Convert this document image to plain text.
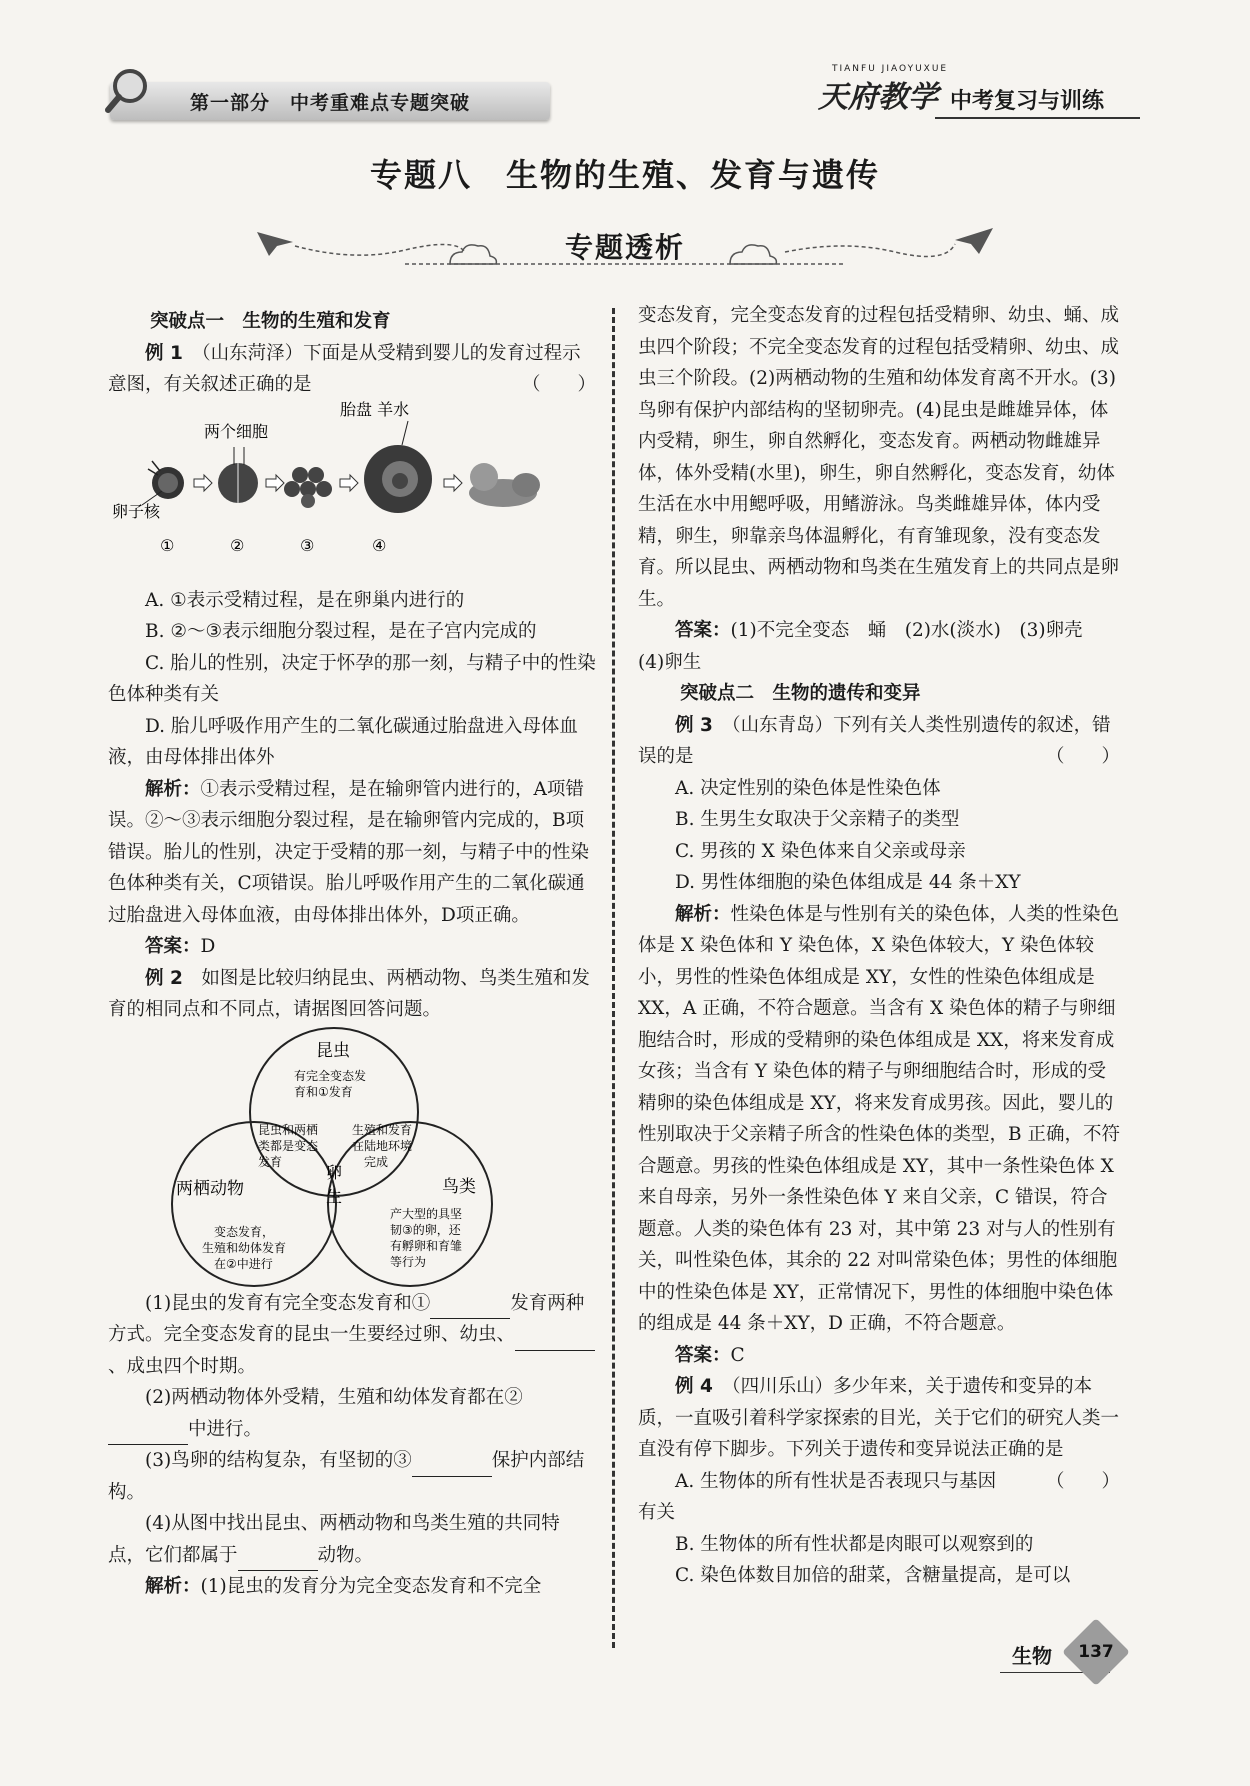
第一部分　中考重难点专题突破
TIANFU JIAOYUXUE
天府教学 中考复习与训练
专题八　生物的生殖、发育与遗传
专题透析

突破点一　生物的生殖和发育

例 1　 （山东菏泽）下面是从受精到婴儿的发育过程示意图，有关叙述正确的是	（　　）

卵子核
两个细胞
胎盘 羊水
①	②	③	④

A. ①表示受精过程，是在卵巢内进行的

B. ②～③表示细胞分裂过程，是在子宫内完成的

C. 胎儿的性别，决定于怀孕的那一刻，与精子中的性染色体种类有关

D. 胎儿呼吸作用产生的二氧化碳通过胎盘进入母体血液，由母体排出体外

解析：①表示受精过程，是在输卵管内进行的，A项错误。②～③表示细胞分裂过程，是在输卵管内完成的，B项错误。胎儿的性别，决定于受精的那一刻，与精子中的性染色体种类有关，C项错误。胎儿呼吸作用产生的二氧化碳通过胎盘进入母体血液，由母体排出体外，D项正确。

答案：D

例 2　 如图是比较归纳昆虫、两栖动物、鸟类生殖和发育的相同点和不同点，请据图回答问题。

昆虫
两栖动物	鸟类
有完全变态发
育和①发育
昆虫和两栖
类都是变态
发育
生殖和发育
在陆地环境
完成
卵
生
变态发育，
生殖和幼体发育
在②中进行
产大型的具坚
韧③的卵，还
有孵卵和育雏
等行为

(1)昆虫的发育有完全变态发育和①	发育两种方式。完全变态发育的昆虫一生要经过卵、幼虫、、成虫四个时期。

(2)两栖动物体外受精，生殖和幼体发育都在②中进行。

(3)鸟卵的结构复杂，有坚韧的③	保护内部结构。

(4)从图中找出昆虫、两栖动物和鸟类生殖的共同特点，它们都属于	动物。

解析：(1)昆虫的发育分为完全变态发育和不完全

变态发育，完全变态发育的过程包括受精卵、幼虫、蛹、成虫四个阶段；不完全变态发育的过程包括受精卵、幼虫、成虫三个阶段。(2)两栖动物的生殖和幼体发育离不开水。(3)鸟卵有保护内部结构的坚韧卵壳。(4)昆虫是雌雄异体，体内受精，卵生，卵自然孵化，变态发育。两栖动物雌雄异体，体外受精(水里)，卵生，卵自然孵化，变态发育，幼体生活在水中用鳃呼吸，用鳍游泳。鸟类雌雄异体，体内受精，卵生，卵靠亲鸟体温孵化，有育雏现象，没有变态发育。所以昆虫、两栖动物和鸟类在生殖发育上的共同点是卵生。

答案：(1)不完全变态　蛹　(2)水(淡水)　(3)卵壳　(4)卵生

突破点二　生物的遗传和变异

例 3　 （山东青岛）下列有关人类性别遗传的叙述，错误的是	（　　）

A. 决定性别的染色体是性染色体

B. 生男生女取决于父亲精子的类型

C. 男孩的 X 染色体来自父亲或母亲

D. 男性体细胞的染色体组成是 44 条＋XY

解析：性染色体是与性别有关的染色体，人类的性染色体是 X 染色体和 Y 染色体，X 染色体较大，Y 染色体较小，男性的性染色体组成是 XY，女性的性染色体组成是 XX，A 正确，不符合题意。当含有 X 染色体的精子与卵细胞结合时，形成的受精卵的染色体组成是 XX，将来发育成女孩；当含有 Y 染色体的精子与卵细胞结合时，形成的受精卵的染色体组成是 XY，将来发育成男孩。因此，婴儿的性别取决于父亲精子所含的性染色体的类型，B 正确，不符合题意。男孩的性染色体组成是 XY，其中一条性染色体 X 来自母亲，另外一条性染色体 Y 来自父亲，C 错误，符合题意。人类的染色体有 23 对，其中第 23 对与人的性别有关，叫性染色体，其余的 22 对叫常染色体；男性的体细胞中的性染色体是 XY，正常情况下，男性的体细胞中染色体的组成是 44 条＋XY，D 正确，不符合题意。

答案：C

例 4　 （四川乐山）多少年来，关于遗传和变异的本质，一直吸引着科学家探索的目光，关于它们的研究人类一直没有停下脚步。下列关于遗传和变异说法正确的是
（　　）

A. 生物体的所有性状是否表现只与基因有关

B. 生物体的所有性状都是肉眼可以观察到的

C. 染色体数目加倍的甜菜，含糖量提高，是可以

生物	137
